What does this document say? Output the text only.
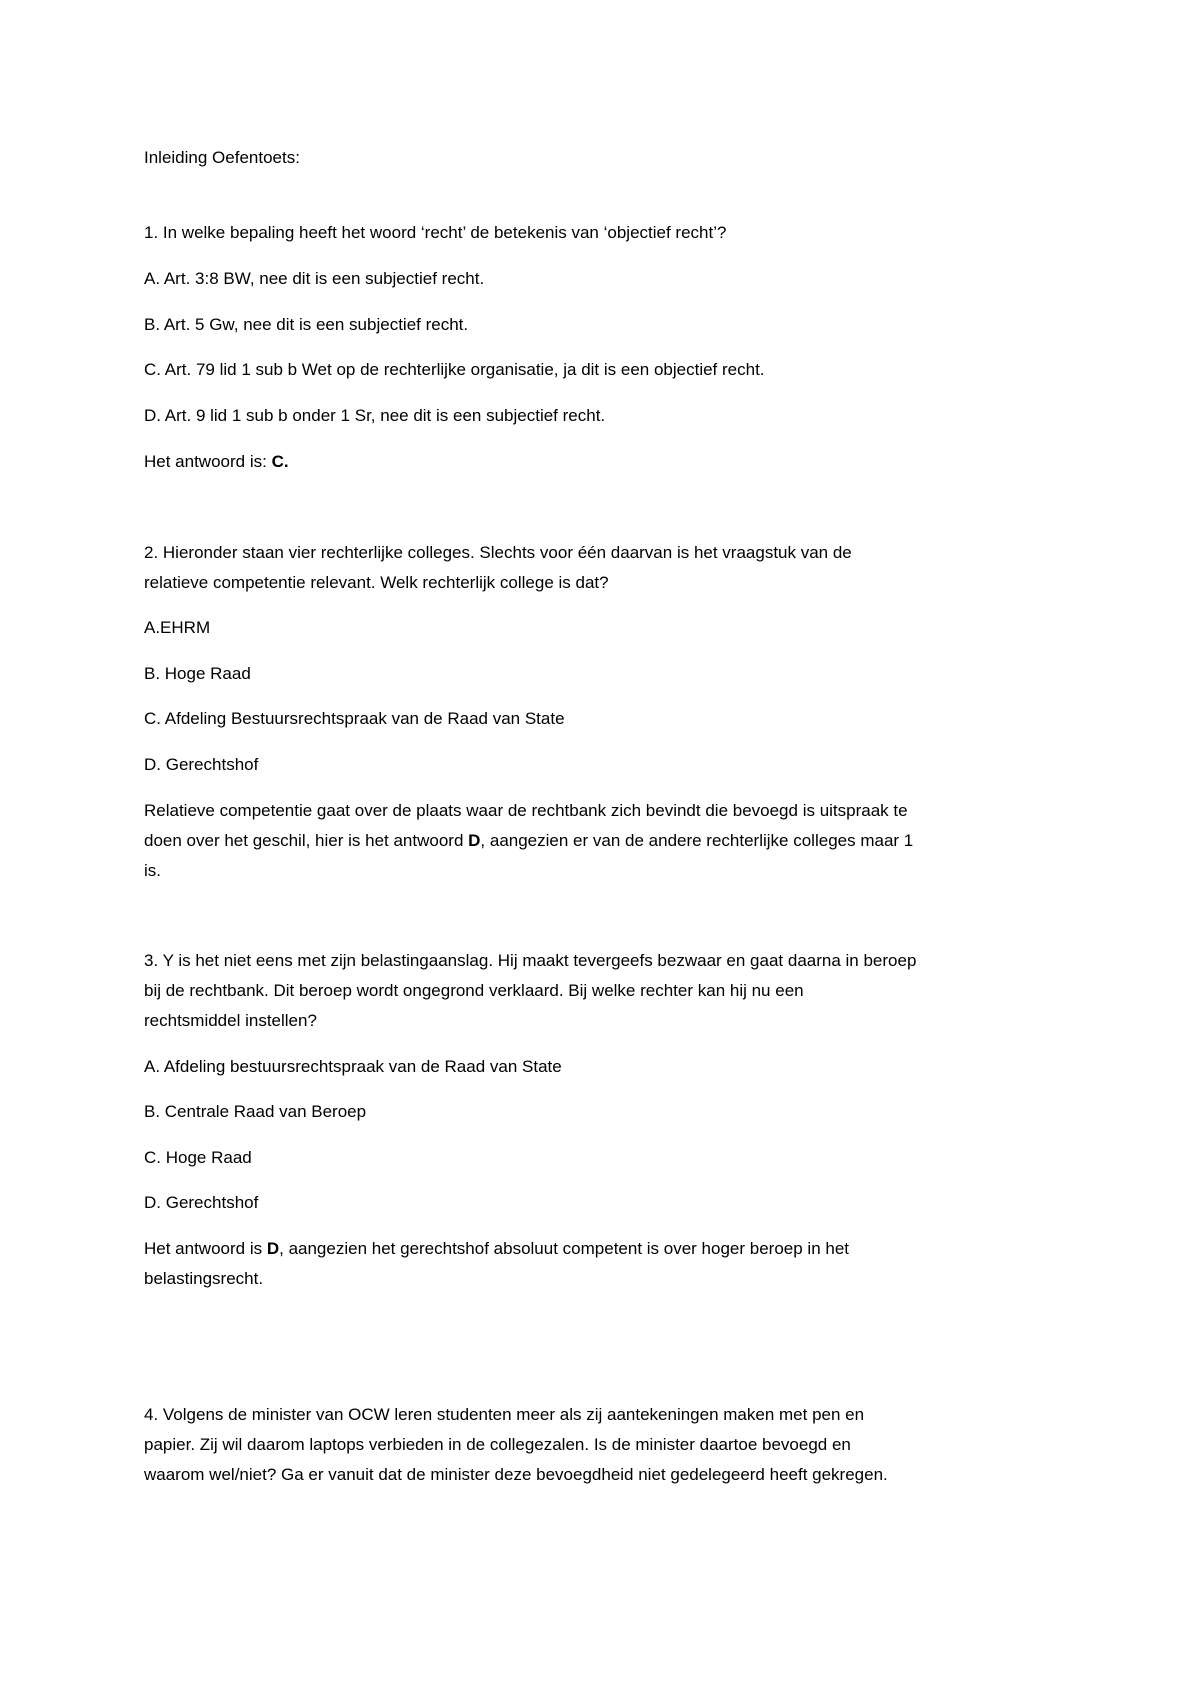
Inleiding Oefentoets:
1. In welke bepaling heeft het woord ‘recht’ de betekenis van ‘objectief recht’?
A. Art. 3:8 BW, nee dit is een subjectief recht.
B. Art. 5 Gw, nee dit is een subjectief recht.
C. Art. 79 lid 1 sub b Wet op de rechterlijke organisatie, ja dit is een objectief recht.
D. Art. 9 lid 1 sub b onder 1 Sr, nee dit is een subjectief recht.
Het antwoord is: C.
2. Hieronder staan vier rechterlijke colleges. Slechts voor één daarvan is het vraagstuk van de
relatieve competentie relevant. Welk rechterlijk college is dat?
A.EHRM
B. Hoge Raad
C. Afdeling Bestuursrechtspraak van de Raad van State
D. Gerechtshof
Relatieve competentie gaat over de plaats waar de rechtbank zich bevindt die bevoegd is uitspraak te
doen over het geschil, hier is het antwoord D, aangezien er van de andere rechterlijke colleges maar 1
is.
3. Y is het niet eens met zijn belastingaanslag. Hij maakt tevergeefs bezwaar en gaat daarna in beroep
bij de rechtbank. Dit beroep wordt ongegrond verklaard. Bij welke rechter kan hij nu een
rechtsmiddel instellen?
A. Afdeling bestuursrechtspraak van de Raad van State
B. Centrale Raad van Beroep
C. Hoge Raad
D. Gerechtshof
Het antwoord is D, aangezien het gerechtshof absoluut competent is over hoger beroep in het
belastingsrecht.
4. Volgens de minister van OCW leren studenten meer als zij aantekeningen maken met pen en
papier. Zij wil daarom laptops verbieden in de collegezalen. Is de minister daartoe bevoegd en
waarom wel/niet? Ga er vanuit dat de minister deze bevoegdheid niet gedelegeerd heeft gekregen.
